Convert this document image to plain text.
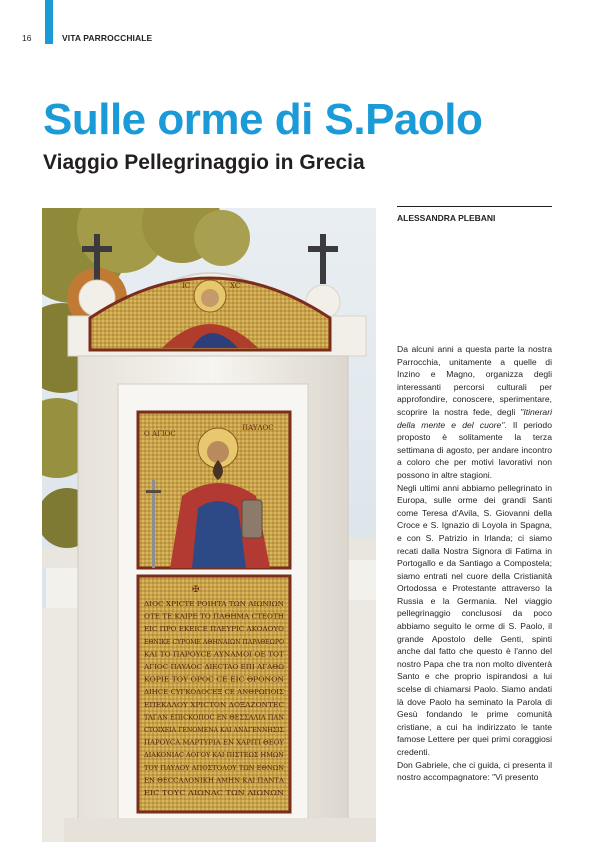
16	VITA PARROCCHIALE
Sulle orme di S.Paolo
Viaggio Pellegrinaggio in Grecia
IC	XC
O AΓIOC
ΠAYΛOC
✠
ΔIOC XPICTE POIHTA TΩN AIΩNIΩN
OTE TE KAIPE TO ΠAΘHMA CTEOTH
EIC ΠPO EKEICE ΠΛEYPIC AKOAOYO
EΘNIKE CYPOME AΘHNAIΩN ΠAPAΘEΩPO
KAI TO ΠAPOYCE AYNAMOI OE TOT
AΓIOC ΠAYAOC ΔIECTAO ΕΠΙ ΑΓΑΘΩ
KOPIE TOY OPOC CE EIC ΘPONON
ΔIHCE CYΓKOΔOCΕΞ CE ΑΝΘΡΩΠΟΙΣ
EΠEKAΛOY XPICTON ΔOΞAZONTEC
TAΓAN EΠICKOΠOC ΕΝ ΘΕΣΣΑΛΙΑ ΠΑΝ
CTOIXEIA ΓENOMENA ΚΑΙ ΑΝΑΓΕΝΝΗΣΙΣ
ΠAPOΥCA MAPTYPIA ΕΝ ΧΑΡΙΤΙ ΘΕΟΥ
ΔIAKONIAC AOΓOY ΚΑΙ ΠΙΣΤΕΩΣ ΗΜΩΝ
TOY ΠAYΛOY ΑΠΟΣΤΟΛΟΥ ΤΩΝ ΕΘΝΩΝ
EN ΘECCAΛONIKH ΑΜΗΝ ΚΑΙ ΠΑΝΤΑ
ΕΙC ΤΟΥC ΑΙΩΝΑC ΤΩΝ ΑΙΩΝΩΝ
ALESSANDRA PLEBANI

Da alcuni anni a questa parte la nostra Parrocchia, unitamente a quelle di Inzino e Magno, organizza degli interessanti percorsi culturali per approfondire, conoscere, sperimentare, scoprire la nostra fede, degli "Itinerari della mente e del cuore". Il periodo proposto è solitamente la terza settimana di agosto, per andare incontro a coloro che per motivi lavorativi non possono in altre stagioni.

Negli ultimi anni abbiamo pellegrinato in Europa, sulle orme dei grandi Santi come Teresa d'Avila, S. Giovanni della Croce e S. Ignazio di Loyola in Spagna, e con S. Patrizio in Irlanda; ci siamo recati dalla Nostra Signora di Fatima in Portogallo e da Santiago a Compostela; siamo entrati nel cuore della Cristianità Ortodossa e Protestante attraverso la Russia e la Germania. Nel viaggio pellegrinaggio conclusosi da poco abbiamo seguito le orme di S. Paolo, il grande Apostolo delle Genti, spinti anche dal fatto che questo è l'anno del nostro Papa che tra non molto diventerà Santo e che proprio ispirandosi a lui scelse di chiamarsi Paolo. Siamo andati là dove Paolo ha seminato la Parola di Gesù fondando le prime comunità cristiane, a cui ha indirizzato le tante famose Lettere per quei primi coraggiosi credenti.

Don Gabriele, che ci guida, ci presenta il nostro accompagnatore: "Vi presento
